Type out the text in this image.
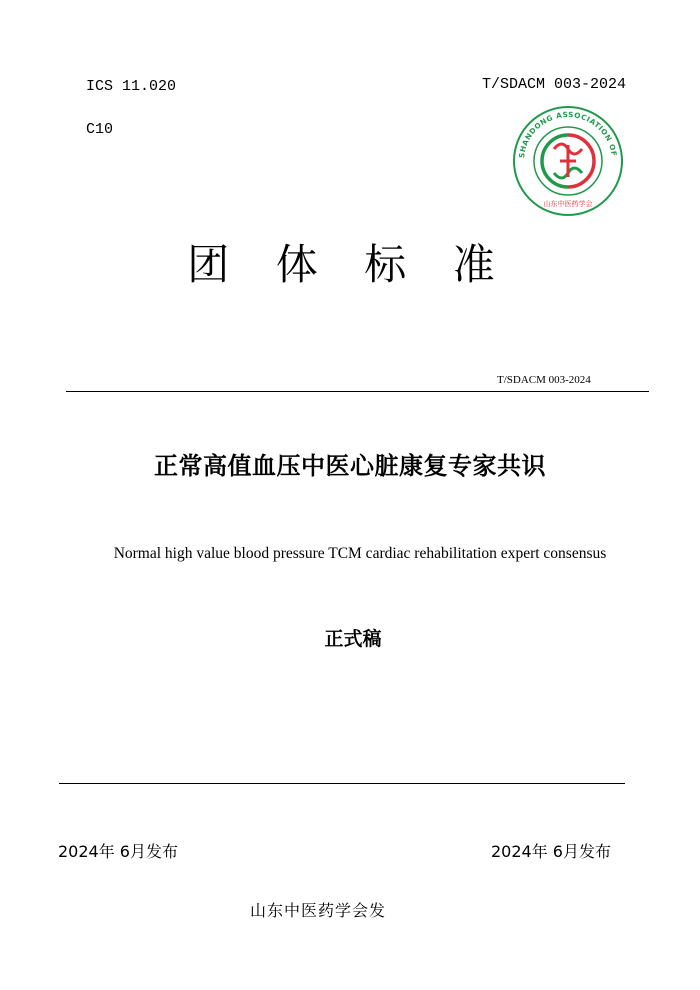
ICS 11.020
C10
T/SDACM 003-2024
SHANDONG ASSOCIATION OF
山东中医药学会
团 体 标 准
T/SDACM 003-2024
正常高值血压中医心脏康复专家共识
Normal high value blood pressure TCM cardiac rehabilitation expert consensus
正式稿
2024年 6月发布	2024年 6月发布
山东中医药学会发
